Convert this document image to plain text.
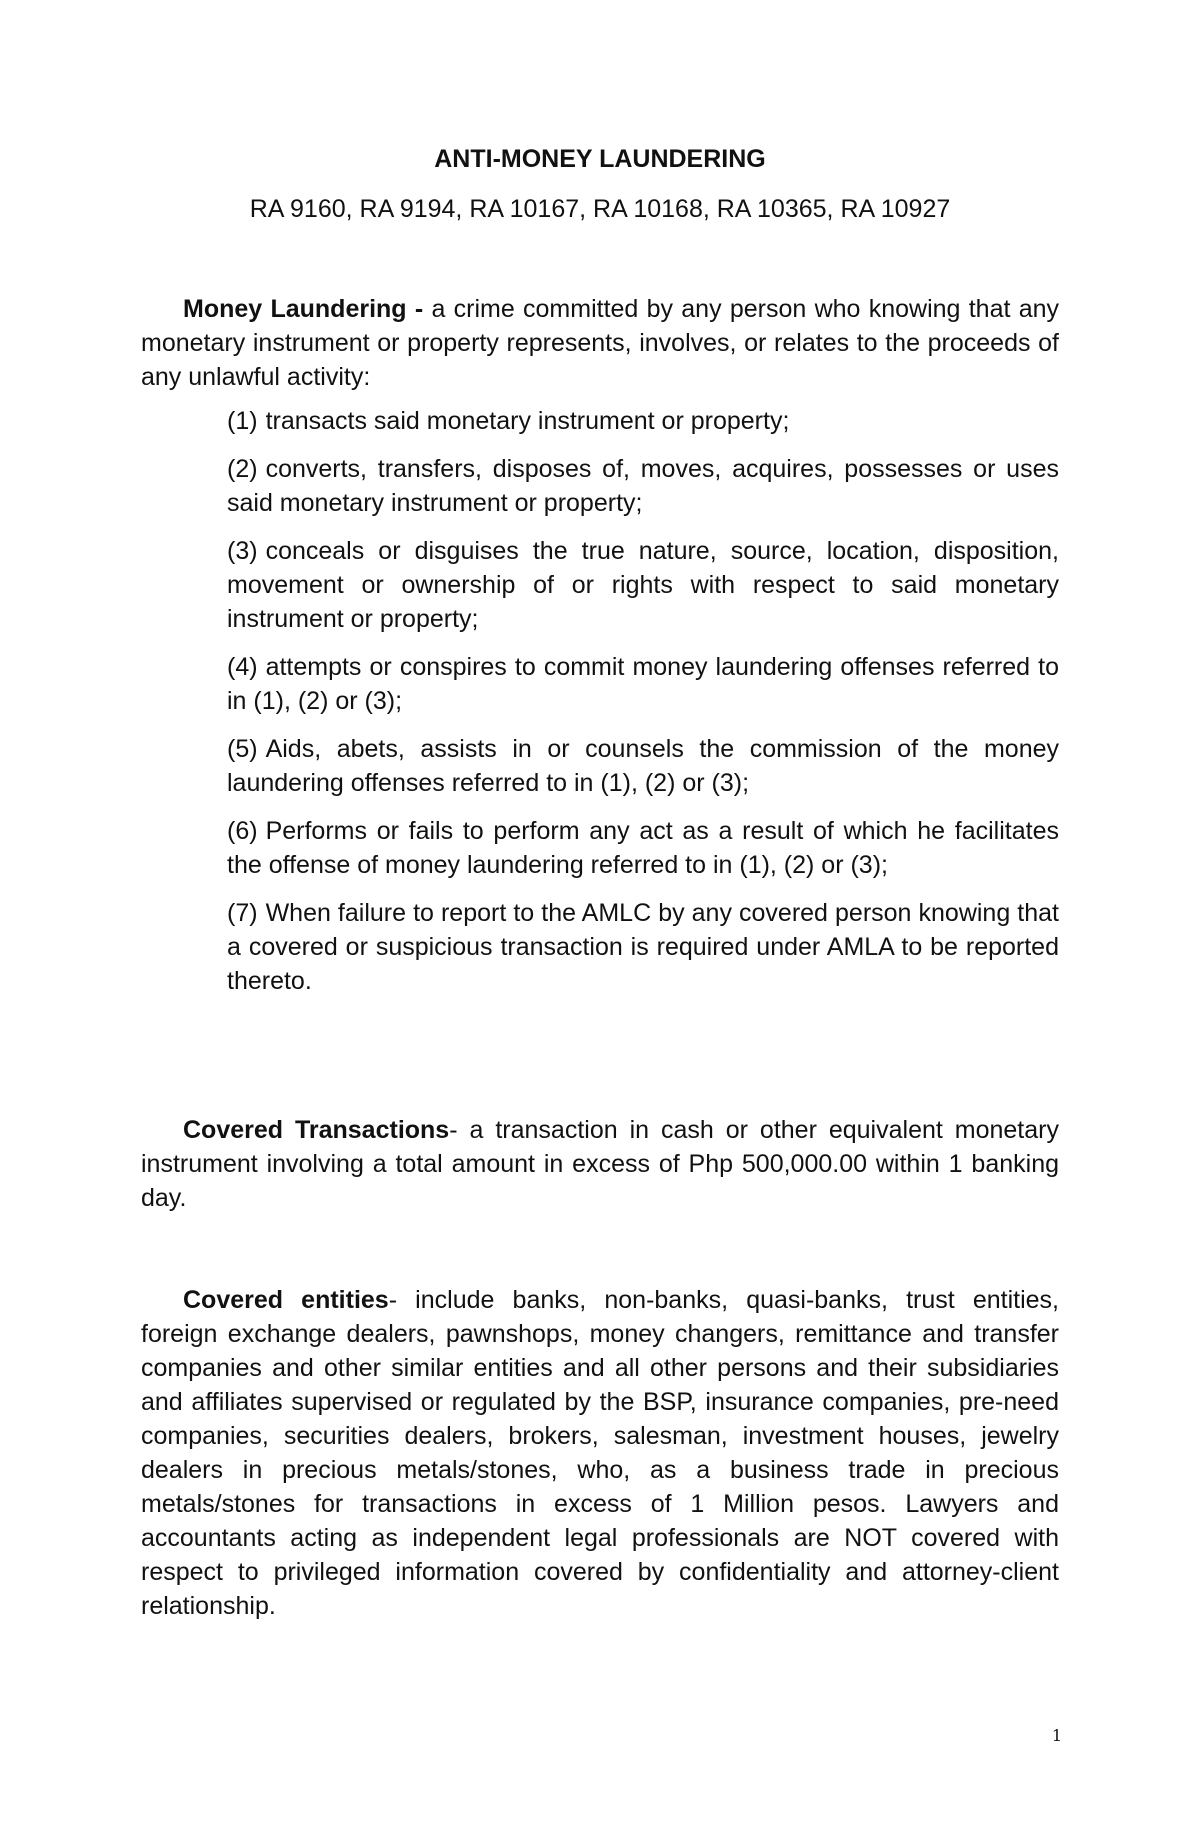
ANTI-MONEY LAUNDERING
RA 9160, RA 9194, RA 10167, RA 10168, RA 10365, RA 10927
Money Laundering - a crime committed by any person who knowing that any monetary instrument or property represents, involves, or relates to the proceeds of any unlawful activity:
(1) transacts said monetary instrument or property;
(2) converts, transfers, disposes of, moves, acquires, possesses or uses said monetary instrument or property;
(3) conceals or disguises the true nature, source, location, disposition, movement or ownership of or rights with respect to said monetary instrument or property;
(4) attempts or conspires to commit money laundering offenses referred to in (1), (2) or (3);
(5) Aids, abets, assists in or counsels the commission of the money laundering offenses referred to in (1), (2) or (3);
(6) Performs or fails to perform any act as a result of which he facilitates the offense of money laundering referred to in (1), (2) or (3);
(7) When failure to report to the AMLC by any covered person knowing that a covered or suspicious transaction is required under AMLA to be reported thereto.
Covered Transactions- a transaction in cash or other equivalent monetary instrument involving a total amount in excess of Php 500,000.00 within 1 banking day.
Covered entities- include banks, non-banks, quasi-banks, trust entities, foreign exchange dealers, pawnshops, money changers, remittance and transfer companies and other similar entities and all other persons and their subsidiaries and affiliates supervised or regulated by the BSP, insurance companies, pre-need companies, securities dealers, brokers, salesman, investment houses, jewelry dealers in precious metals/stones, who, as a business trade in precious metals/stones for transactions in excess of 1 Million pesos. Lawyers and accountants acting as independent legal professionals are NOT covered with respect to privileged information covered by confidentiality and attorney-client relationship.
1
